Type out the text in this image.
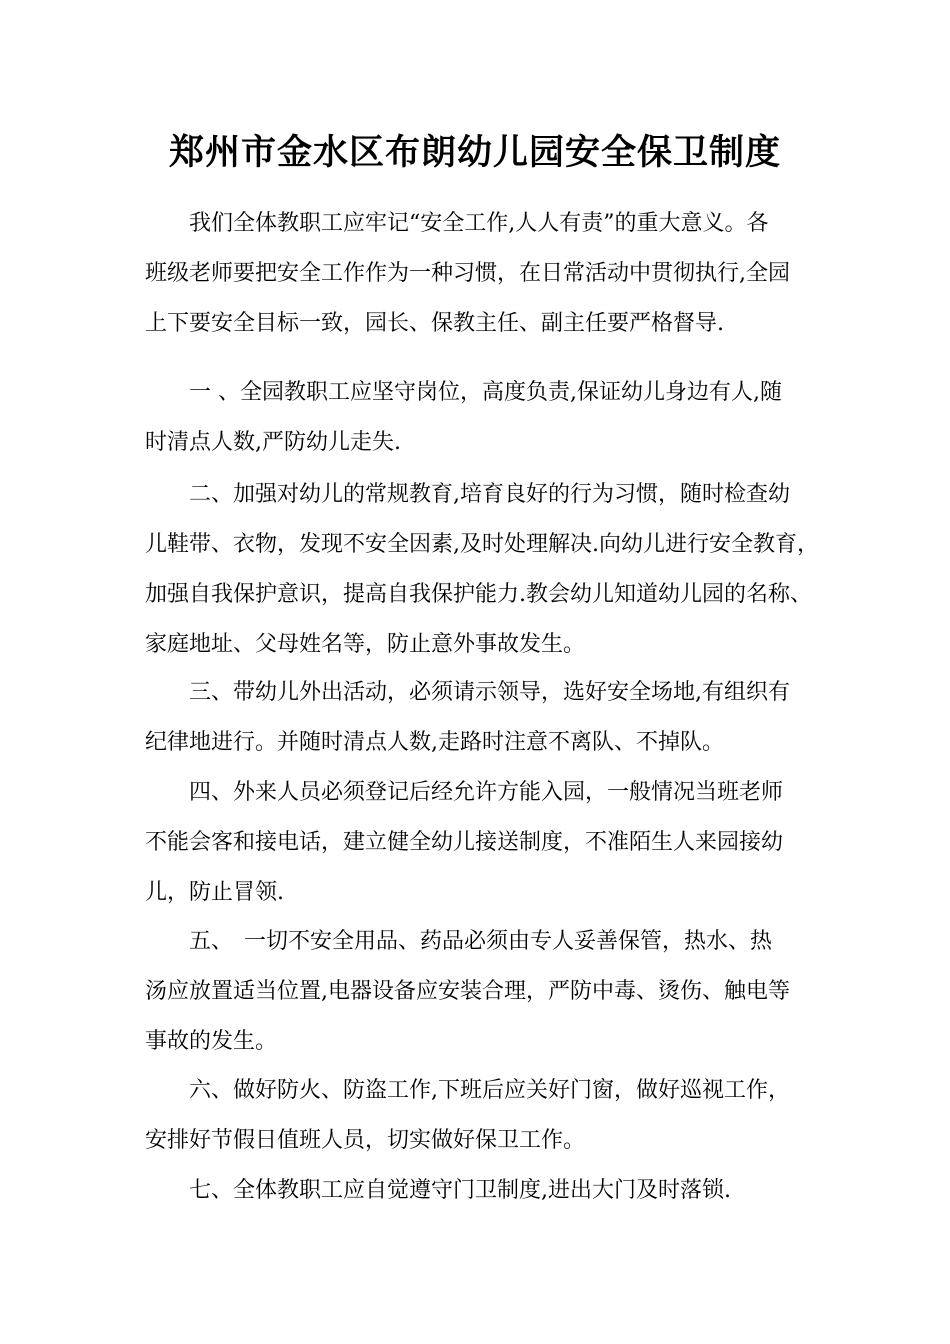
郑州市金水区布朗幼儿园安全保卫制度
我们全体教职工应牢记“安全工作,人人有责”的重大意义。各
班级老师要把安全工作作为一种习惯，在日常活动中贯彻执行,全园
上下要安全目标一致，园长、保教主任、副主任要严格督导.
一 、全园教职工应坚守岗位，高度负责,保证幼儿身边有人,随
时清点人数,严防幼儿走失.
二、加强对幼儿的常规教育,培育良好的行为习惯，随时检查幼
儿鞋带、衣物，发现不安全因素,及时处理解决.向幼儿进行安全教育，
加强自我保护意识，提高自我保护能力.教会幼儿知道幼儿园的名称、
家庭地址、父母姓名等，防止意外事故发生。
三、带幼儿外出活动，必须请示领导，选好安全场地,有组织有
纪律地进行。并随时清点人数,走路时注意不离队、不掉队。
四、外来人员必须登记后经允许方能入园，一般情况当班老师
不能会客和接电话，建立健全幼儿接送制度，不准陌生人来园接幼
儿，防止冒领.
五、　一切不安全用品、药品必须由专人妥善保管，热水、热
汤应放置适当位置,电器设备应安装合理，严防中毒、烫伤、触电等
事故的发生。
六、做好防火、防盗工作,下班后应关好门窗，做好巡视工作，
安排好节假日值班人员，切实做好保卫工作。
七、全体教职工应自觉遵守门卫制度,进出大门及时落锁.
